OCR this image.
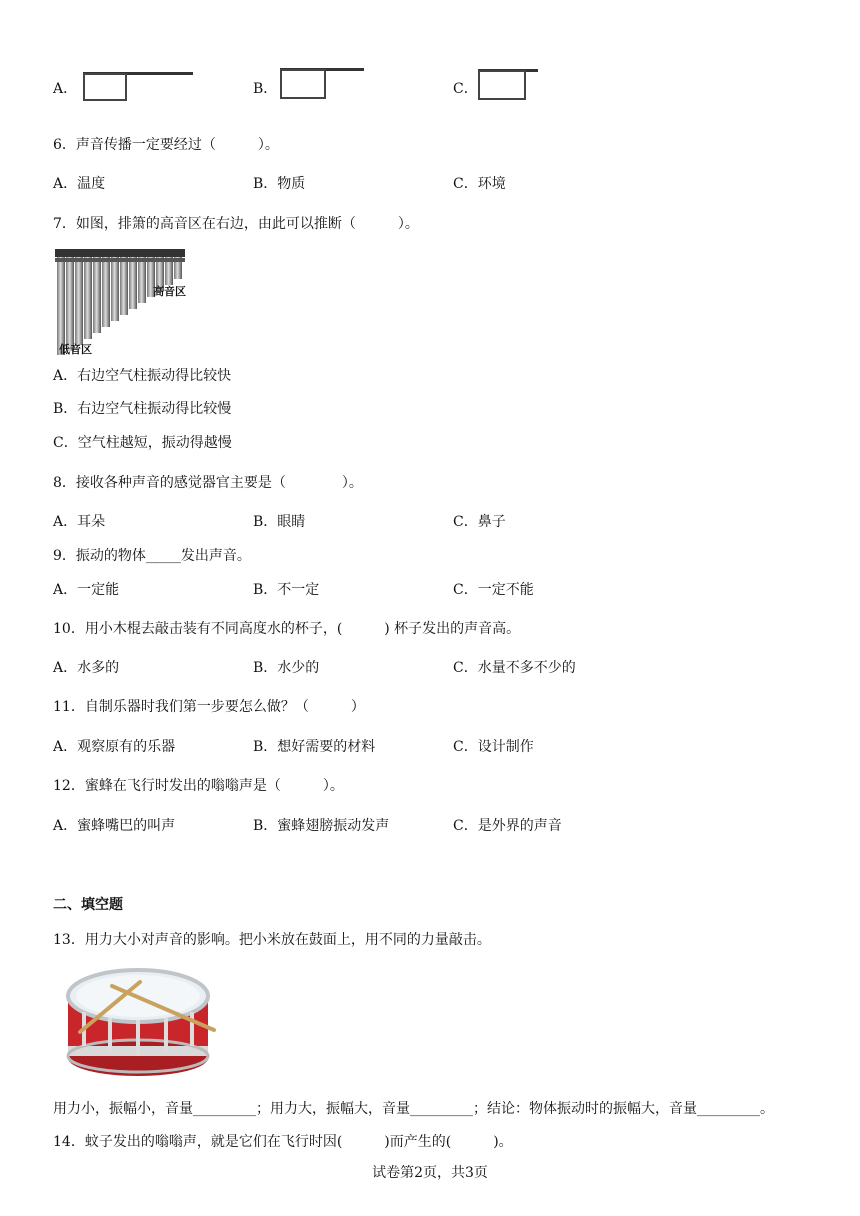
A．	B．	C．
6．声音传播一定要经过（　　　）。
A．温度	B．物质	C．环境
7．如图，排箫的高音区在右边，由此可以推断（　　　）。
高音区
低音区
A．右边空气柱振动得比较快
B．右边空气柱振动得比较慢
C．空气柱越短，振动得越慢
8．接收各种声音的感觉器官主要是（　　　　）。
A．耳朵	B．眼睛	C．鼻子
9．振动的物体_____发出声音。
A．一定能	B．不一定	C．一定不能
10．用小木棍去敲击装有不同高度水的杯子，(　　　) 杯子发出的声音高。
A．水多的	B．水少的	C．水量不多不少的
11．自制乐器时我们第一步要怎么做？（　　　）
A．观察原有的乐器	B．想好需要的材料	C．设计制作
12．蜜蜂在飞行时发出的嗡嗡声是（　　　）。
A．蜜蜂嘴巴的叫声	B．蜜蜂翅膀振动发声	C．是外界的声音
二、填空题
13．用力大小对声音的影响。把小米放在鼓面上，用不同的力量敲击。
用力小，振幅小，音量_________；用力大，振幅大，音量_________；结论：物体振动时的振幅大，音量_________。
14．蚊子发出的嗡嗡声，就是它们在飞行时因(　　　)而产生的(　　　)。
试卷第2页，共3页
